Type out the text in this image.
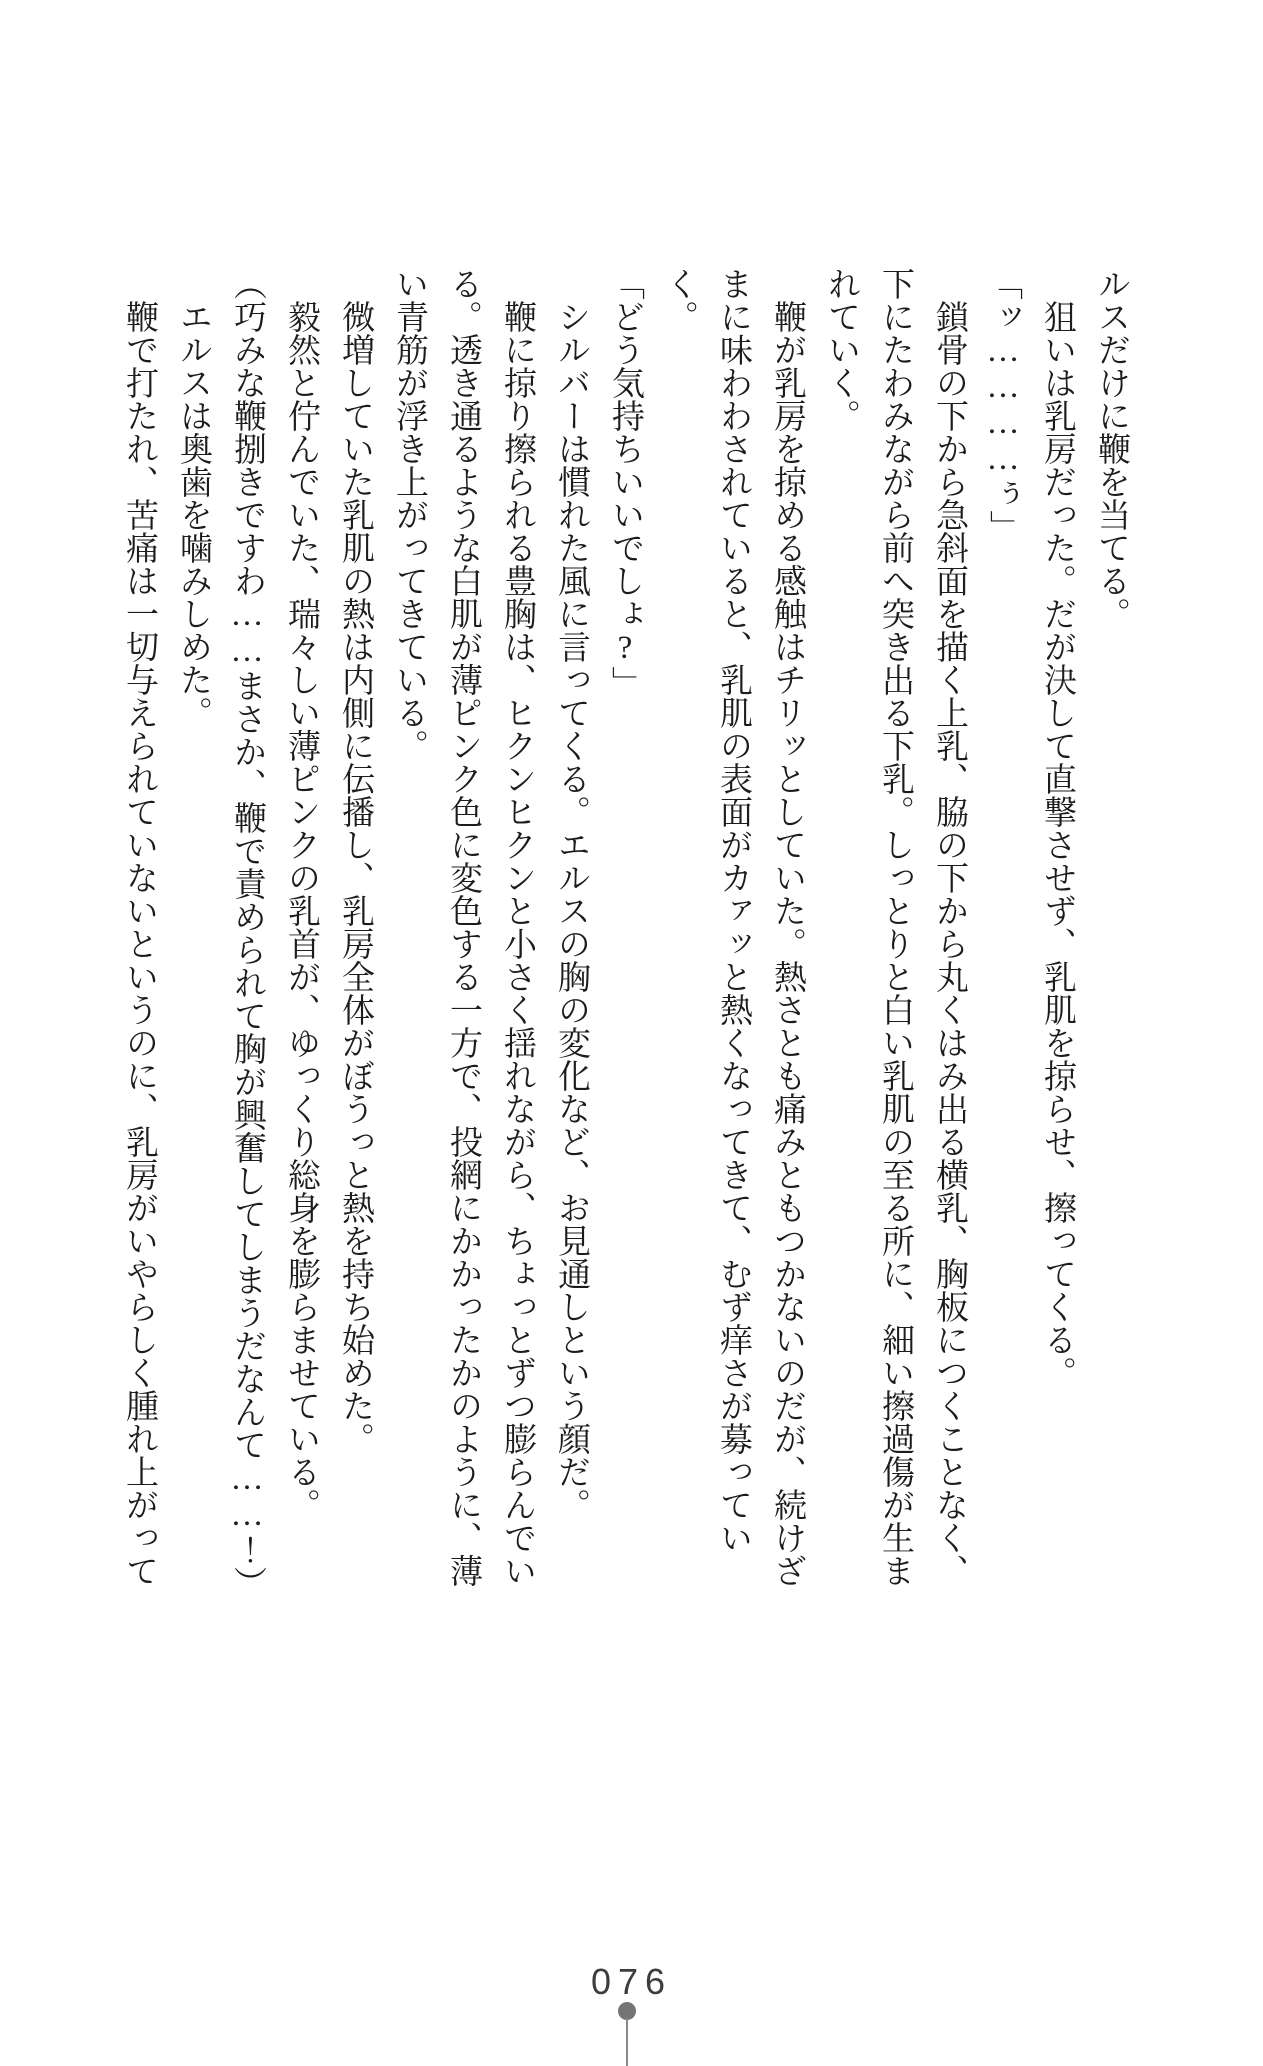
ルスだけに鞭を当てる。

狙いは乳房だった。だが決して直撃させず、乳肌を掠らせ、擦ってくる。

「ッ…………ぅ」

鎖骨の下から急斜面を描く上乳、脇の下から丸くはみ出る横乳、胸板につくことなく、下にたわみながら前へ突き出る下乳。しっとりと白い乳肌の至る所に、細い擦過傷が生まれていく。

鞭が乳房を掠める感触はチリッとしていた。熱さとも痛みともつかないのだが、続けざまに味わわされていると、乳肌の表面がカァッと熱くなってきて、むず痒さが募っていく。

「どう気持ちいいでしょ?」

シルバーは慣れた風に言ってくる。エルスの胸の変化など、お見通しという顔だ。

鞭に掠り擦られる豊胸は、ヒクンヒクンと小さく揺れながら、ちょっとずつ膨らんでいる。透き通るような白肌が薄ピンク色に変色する一方で、投網にかかったかのように、薄い青筋が浮き上がってきている。

微増していた乳肌の熱は内側に伝播し、乳房全体がぼうっと熱を持ち始めた。

毅然と佇んでいた、瑞々しい薄ピンクの乳首が、ゆっくり総身を膨らませている。

（巧みな鞭捌きですわ……まさか、鞭で責められて胸が興奮してしまうだなんて……！）

エルスは奥歯を噛みしめた。

鞭で打たれ、苦痛は一切与えられていないというのに、乳房がいやらしく腫れ上がって

076
